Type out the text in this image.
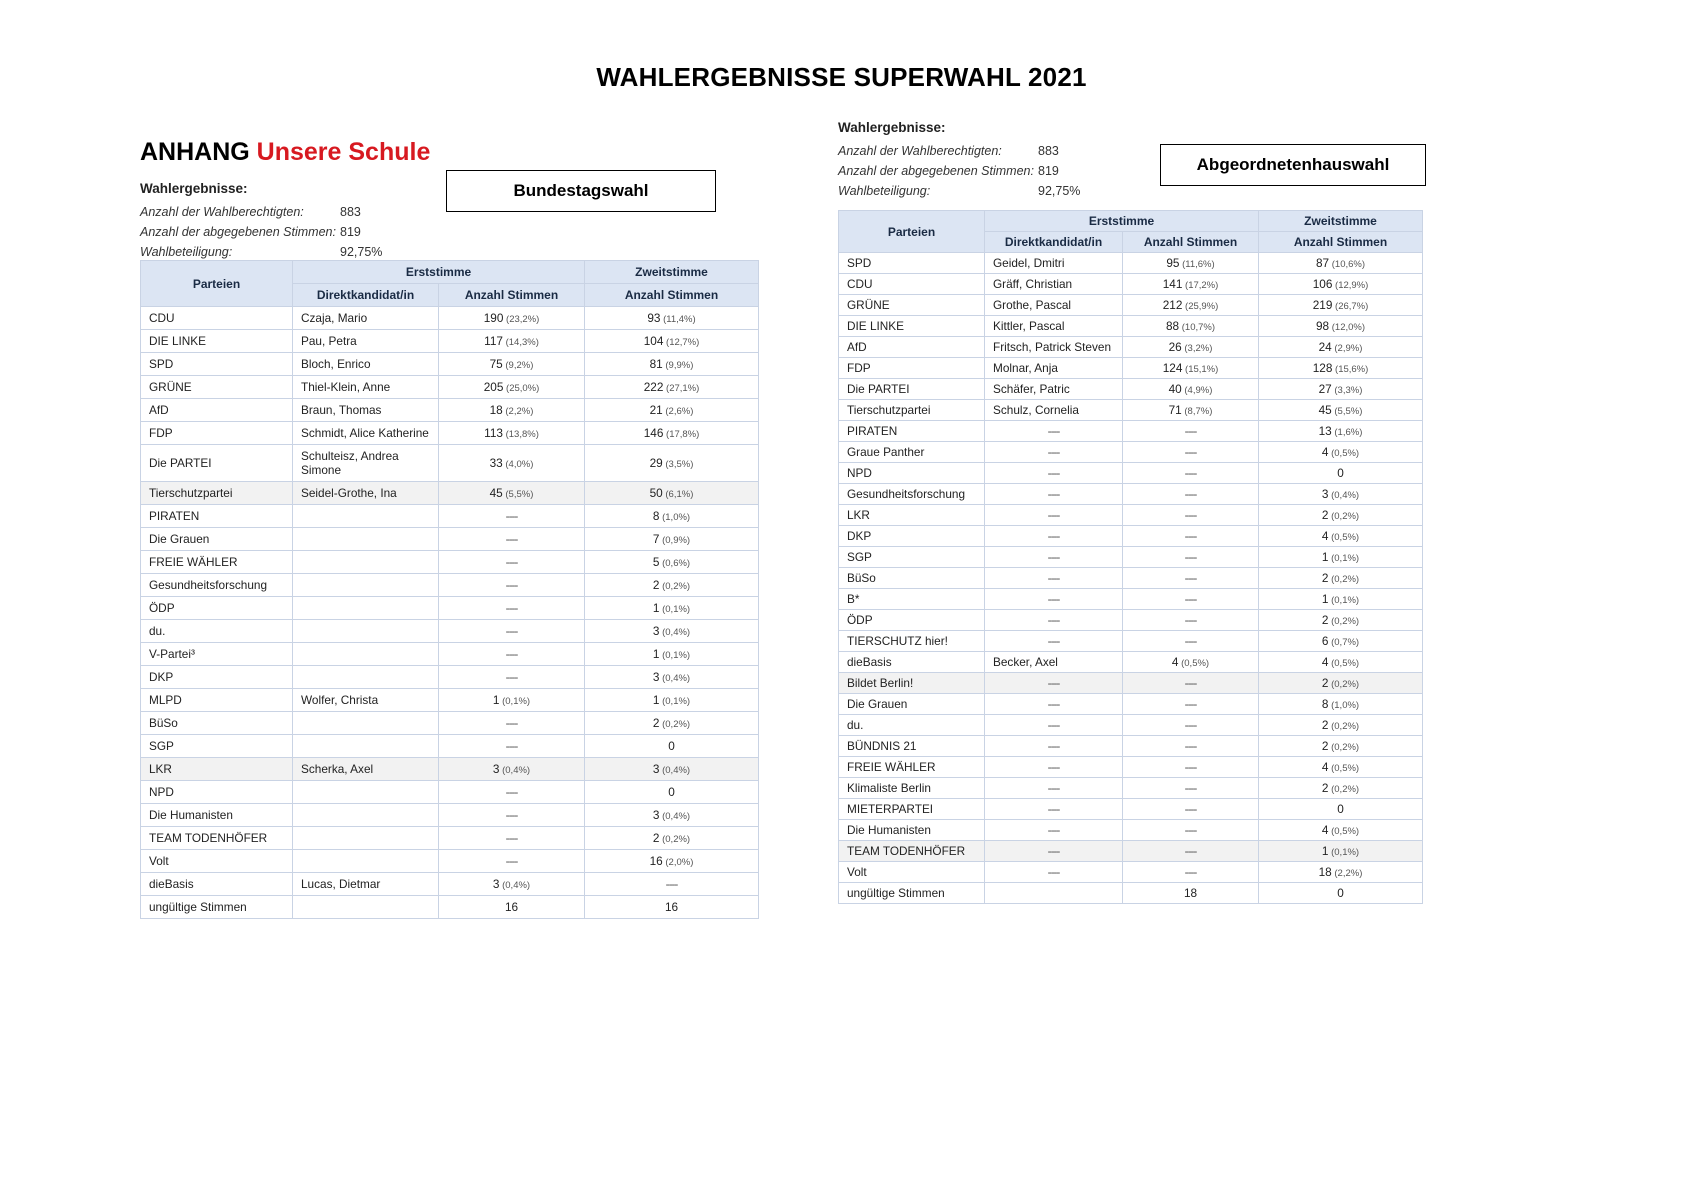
WAHLERGEBNISSE SUPERWAHL 2021
ANHANG Unsere Schule
Wahlergebnisse:
Anzahl der Wahlberechtigten:	883
Anzahl der abgegebenen Stimmen: 819
Wahlbeteiligung:	92,75%
Bundestagswahl
Parteien	Erststimme		Zweitstimme
	Direktkandidat/in	Anzahl Stimmen	Anzahl Stimmen
CDU	Czaja, Mario	190 (23,2%)	93 (11,4%)
DIE LINKE	Pau, Petra	117 (14,3%)	104 (12,7%)
SPD	Bloch, Enrico	75 (9,2%)	81 (9,9%)
GRÜNE	Thiel-Klein, Anne	205 (25,0%)	222 (27,1%)
AfD	Braun, Thomas	18 (2,2%)	21 (2,6%)
FDP	Schmidt, Alice Katherine	113 (13,8%)	146 (17,8%)
Die PARTEI	Schulteisz, Andrea Simone	33 (4,0%)	29 (3,5%)
Tierschutzpartei	Seidel-Grothe, Ina	45 (5,5%)	50 (6,1%)
PIRATEN		----	8 (1,0%)
Die Grauen		----	7 (0,9%)
FREIE WÄHLER		----	5 (0,6%)
Gesundheitsforschung		----	2 (0,2%)
ÖDP		----	1 (0,1%)
du.		----	3 (0,4%)
V-Partei³		----	1 (0,1%)
DKP		----	3 (0,4%)
MLPD	Wolfer, Christa	1 (0,1%)	1 (0,1%)
BüSo		----	2 (0,2%)
SGP		----	0
LKR	Scherka, Axel	3 (0,4%)	3 (0,4%)
NPD		----	0
Die Humanisten		----	3 (0,4%)
TEAM TODENHÖFER		----	2 (0,2%)
Volt		----	16 (2,0%)
dieBasis	Lucas, Dietmar	3 (0,4%)	----
ungültige Stimmen		16	16
Wahlergebnisse:
Anzahl der Wahlberechtigten:	883
Anzahl der abgegebenen Stimmen: 819
Wahlbeteiligung:	92,75%
Abgeordnetenhauswahl
Parteien	Erststimme		Zweitstimme
	Direktkandidat/in	Anzahl Stimmen	Anzahl Stimmen
SPD	Geidel, Dmitri	95 (11,6%)	87 (10,6%)
CDU	Gräff, Christian	141 (17,2%)	106 (12,9%)
GRÜNE	Grothe, Pascal	212 (25,9%)	219 (26,7%)
DIE LINKE	Kittler, Pascal	88 (10,7%)	98 (12,0%)
AfD	Fritsch, Patrick Steven	26 (3,2%)	24 (2,9%)
FDP	Molnar, Anja	124 (15,1%)	128 (15,6%)
Die PARTEI	Schäfer, Patric	40 (4,9%)	27 (3,3%)
Tierschutzpartei	Schulz, Cornelia	71 (8,7%)	45 (5,5%)
PIRATEN	----	----	13 (1,6%)
Graue Panther	----	----	4 (0,5%)
NPD	----	----	0
Gesundheitsforschung	----	----	3 (0,4%)
LKR	----	----	2 (0,2%)
DKP	----	----	4 (0,5%)
SGP	----	----	1 (0,1%)
BüSo	----	----	2 (0,2%)
B*	----	----	1 (0,1%)
ÖDP	----	----	2 (0,2%)
TIERSCHUTZ hier!	----	----	6 (0,7%)
dieBasis	Becker, Axel	4 (0,5%)	4 (0,5%)
Bildet Berlin!	----	----	2 (0,2%)
Die Grauen	----	----	8 (1,0%)
du.	----	----	2 (0,2%)
BÜNDNIS 21	----	----	2 (0,2%)
FREIE WÄHLER	----	----	4 (0,5%)
Klimaliste Berlin	----	----	2 (0,2%)
MIETERPARTEI	----	----	0
Die Humanisten	----	----	4 (0,5%)
TEAM TODENHÖFER	----	----	1 (0,1%)
Volt	----	----	18 (2,2%)
ungültige Stimmen		18	0
